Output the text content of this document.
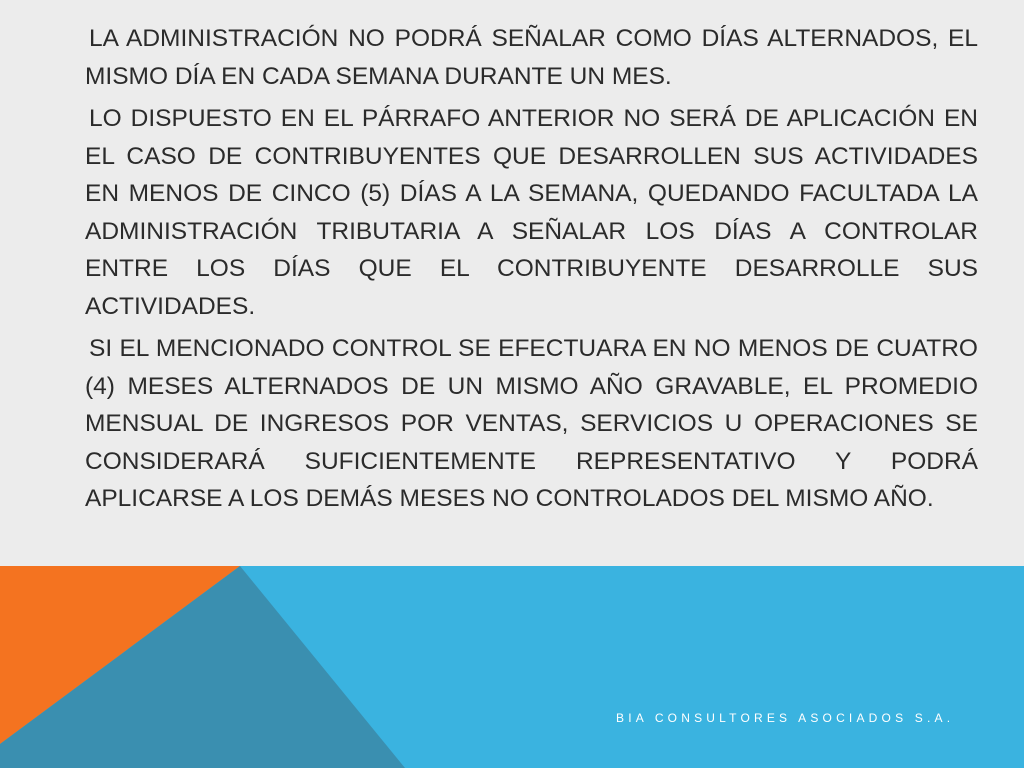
LA ADMINISTRACIÓN NO PODRÁ SEÑALAR COMO DÍAS ALTERNADOS, EL MISMO DÍA EN CADA SEMANA DURANTE UN MES.

LO DISPUESTO EN EL PÁRRAFO ANTERIOR NO SERÁ DE APLICACIÓN EN EL CASO DE CONTRIBUYENTES QUE DESARROLLEN SUS ACTIVIDADES EN MENOS DE CINCO (5) DÍAS A LA SEMANA, QUEDANDO FACULTADA LA ADMINISTRACIÓN TRIBUTARIA A SEÑALAR LOS DÍAS A CONTROLAR ENTRE LOS DÍAS QUE EL CONTRIBUYENTE DESARROLLE SUS ACTIVIDADES.

SI EL MENCIONADO CONTROL SE EFECTUARA EN NO MENOS DE CUATRO (4) MESES ALTERNADOS DE UN MISMO AÑO GRAVABLE, EL PROMEDIO MENSUAL DE INGRESOS POR VENTAS, SERVICIOS U OPERACIONES SE CONSIDERARÁ SUFICIENTEMENTE REPRESENTATIVO Y PODRÁ APLICARSE A LOS DEMÁS MESES NO CONTROLADOS DEL MISMO AÑO.

BIA CONSULTORES ASOCIADOS S.A.
